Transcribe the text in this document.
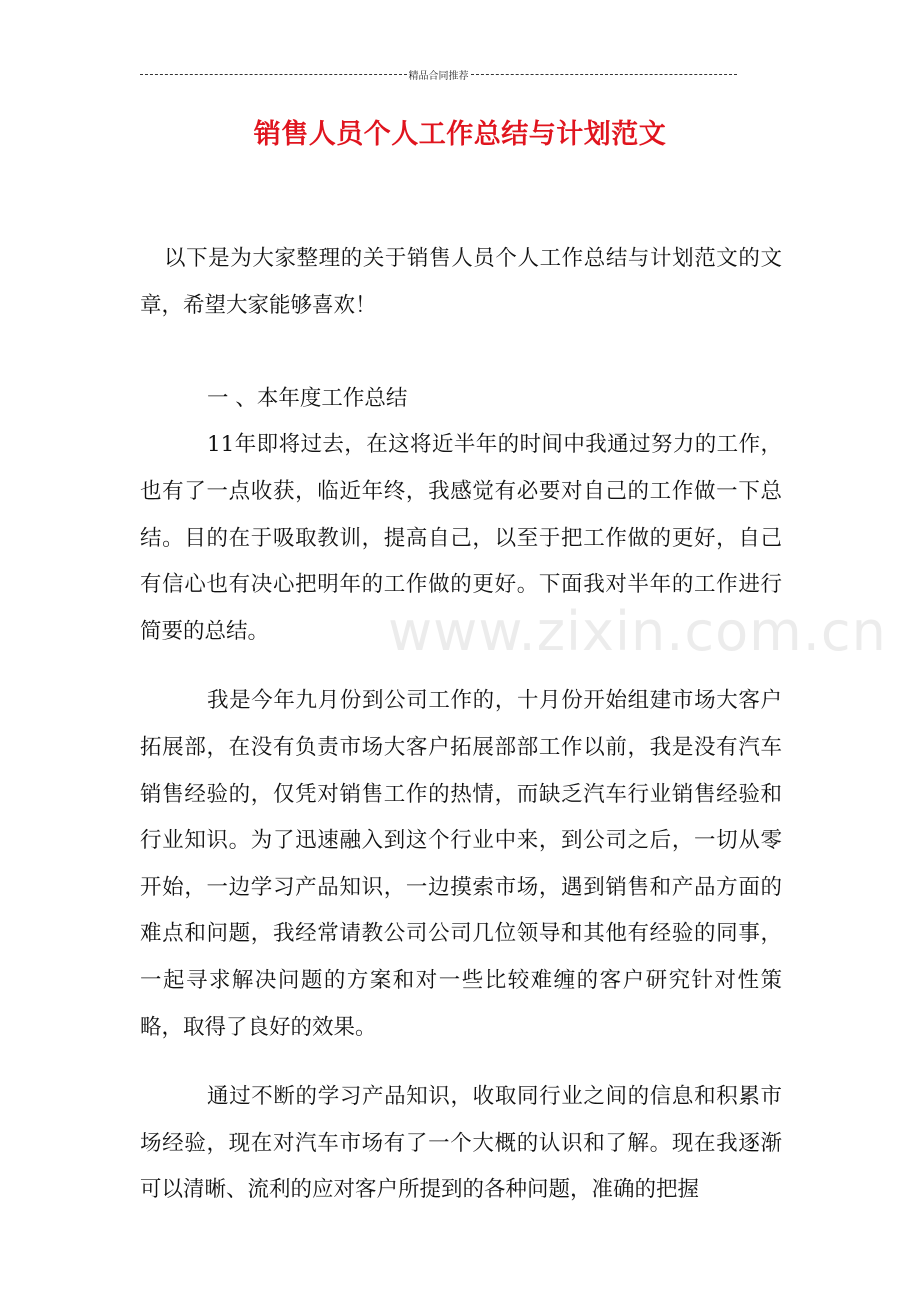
精品合同推荐
销售人员个人工作总结与计划范文

以下是为大家整理的关于销售人员个人工作总结与计划范文的文章，希望大家能够喜欢！

一 、本年度工作总结

11年即将过去，在这将近半年的时间中我通过努力的工作，也有了一点收获，临近年终，我感觉有必要对自己的工作做一下总结。目的在于吸取教训，提高自己，以至于把工作做的更好，自己有信心也有决心把明年的工作做的更好。下面我对半年的工作进行简要的总结。

我是今年九月份到公司工作的，十月份开始组建市场大客户拓展部，在没有负责市场大客户拓展部部工作以前，我是没有汽车销售经验的，仅凭对销售工作的热情，而缺乏汽车行业销售经验和行业知识。为了迅速融入到这个行业中来，到公司之后，一切从零开始，一边学习产品知识，一边摸索市场，遇到销售和产品方面的难点和问题，我经常请教公司公司几位领导和其他有经验的同事，一起寻求解决问题的方案和对一些比较难缠的客户研究针对性策略，取得了良好的效果。

通过不断的学习产品知识，收取同行业之间的信息和积累市场经验，现在对汽车市场有了一个大概的认识和了解。现在我逐渐可以清晰、流利的应对客户所提到的各种问题，准确的把握

www.zixin.com.cn
